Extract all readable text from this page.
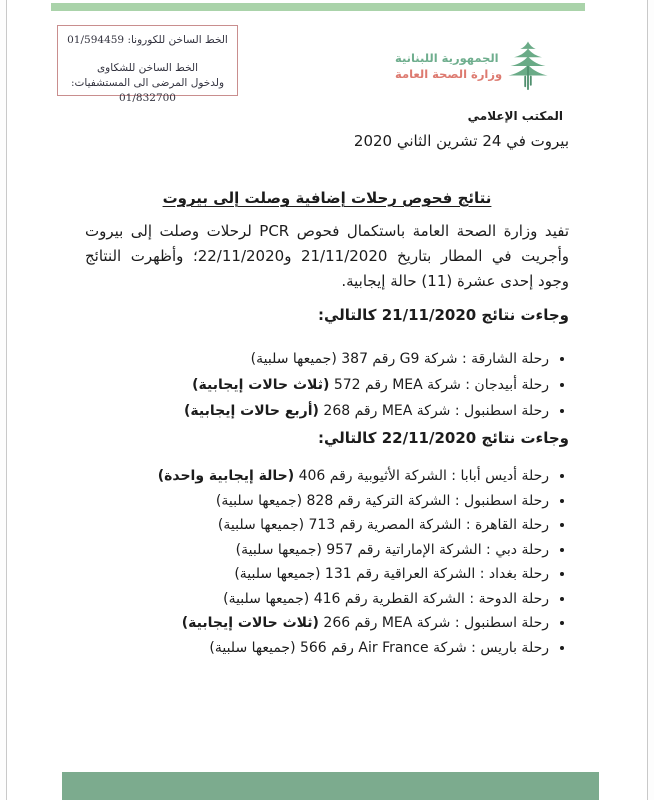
الخط الساخن للكورونا: 01/594459

الخط الساخن للشكاوى

ولدخول المرضى الى المستشفيات: 01/832700

الجمهورية اللبنانية
وزارة الصحة العامة
المكتب الإعلامي
بيروت في 24 تشرين الثاني 2020
نتائج فحوص رحلات إضافية وصلت إلى بيروت

تفيد وزارة الصحة العامة باستكمال فحوص PCR لرحلات وصلت إلى بيروت وأجريت في المطار بتاريخ 21/11/2020 و22/11/2020؛ وأظهرت النتائج وجود إحدى عشرة (11) حالة إيجابية.

وجاءت نتائج 21/11/2020 كالتالي:
• رحلة الشارقة : شركة G9 رقم 387 (جميعها سلبية)
• رحلة أبيدجان : شركة MEA رقم 572 (ثلاث حالات إيجابية)
• رحلة اسطنبول : شركة MEA رقم 268 (أربع حالات إيجابية)
وجاءت نتائج 22/11/2020 كالتالي:
• رحلة أديس أبابا : الشركة الأثيوبية رقم 406 (حالة إيجابية واحدة)
• رحلة اسطنبول : الشركة التركية رقم 828 (جميعها سلبية)
• رحلة القاهرة : الشركة المصرية رقم 713 (جميعها سلبية)
• رحلة دبي : الشركة الإماراتية رقم 957 (جميعها سلبية)
• رحلة بغداد : الشركة العراقية رقم 131 (جميعها سلبية)
• رحلة الدوحة : الشركة القطرية رقم 416 (جميعها سلبية)
• رحلة اسطنبول : شركة MEA رقم 266 (ثلاث حالات إيجابية)
• رحلة باريس : شركة Air France رقم 566 (جميعها سلبية)
